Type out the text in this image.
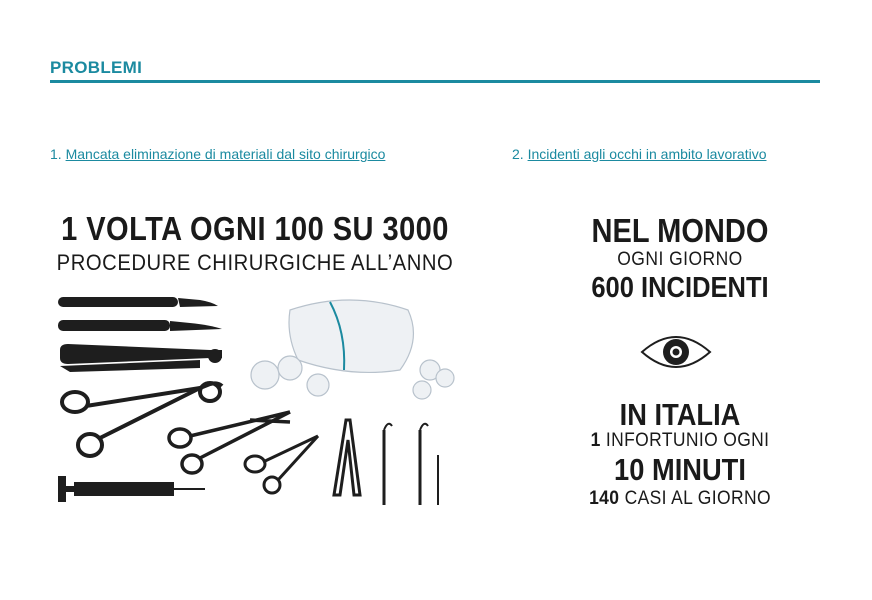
PROBLEMI
1. Mancata eliminazione di materiali dal sito chirurgico	2. Incidenti agli occhi in ambito lavorativo
1 VOLTA OGNI 100 SU 3000
PROCEDURE CHIRURGICHE ALL’ANNO
NEL MONDO
OGNI GIORNO
600 INCIDENTI
IN ITALIA
1 INFORTUNIO OGNI
10 MINUTI
140 CASI AL GIORNO
